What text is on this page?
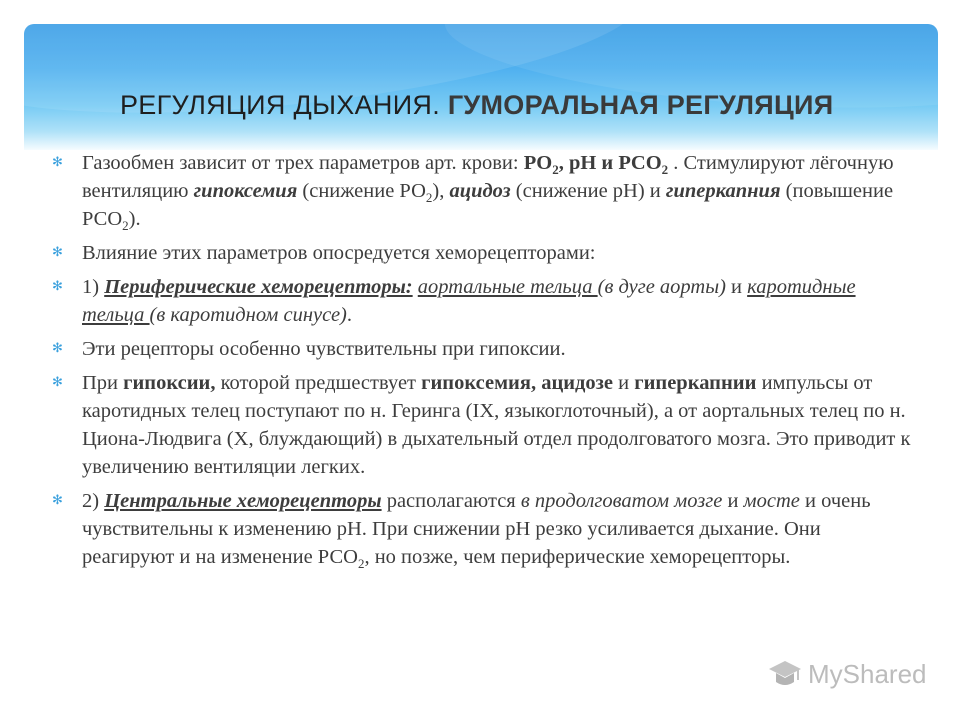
РЕГУЛЯЦИЯ ДЫХАНИЯ. ГУМОРАЛЬНАЯ РЕГУЛЯЦИЯ
✻ Газообмен зависит от трех параметров арт. крови: $PO_2$, pH и $PCO_2$ . Стимулируют лёгочную вентиляцию гипоксемия (снижение $РО_2$), ацидоз (снижение рН) и гиперкапния (повышение $РСО_2$).
✻ Влияние этих параметров опосредуется хеморецепторами:
✻ 1) Периферические хеморецепторы: аортальные тельца (в дуге аорты) и каротидные тельца (в каротидном синусе).
✻ Эти рецепторы особенно чувствительны при гипоксии.
✻ При гипоксии, которой предшествует гипоксемия, ацидозе и гиперкапнии импульсы от каротидных телец поступают по н. Геринга (IX, языкоглоточный), а от аортальных телец по н. Циона-Людвига (X, блуждающий) в дыхательный отдел продолговатого мозга. Это приводит к увеличению вентиляции легких.
✻ 2) Центральные хеморецепторы располагаются в продолговатом мозге и мосте и очень чувствительны к изменению рН. При снижении рН резко усиливается дыхание. Они реагируют и на изменение $РСО_2$, но позже, чем периферические хеморецепторы.
MyShared
